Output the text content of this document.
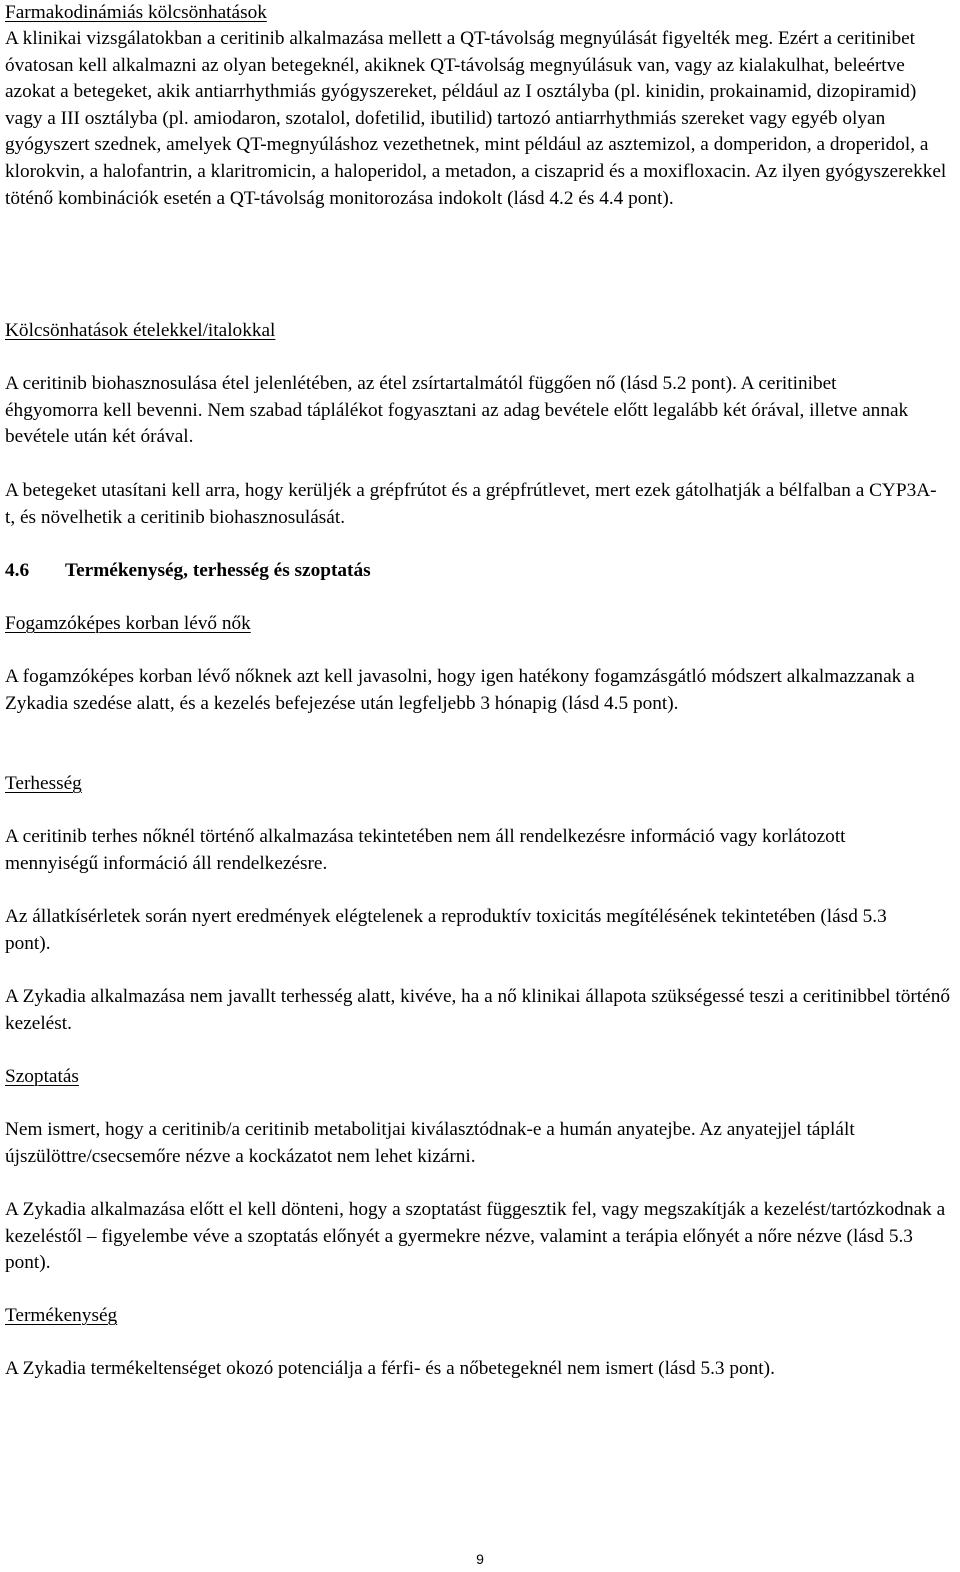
Farmakodinámiás kölcsönhatások

A klinikai vizsgálatokban a ceritinib alkalmazása mellett a QT-távolság megnyúlását figyelték meg. Ezért a ceritinibet óvatosan kell alkalmazni az olyan betegeknél, akiknek QT-távolság megnyúlásuk van, vagy az kialakulhat, beleértve azokat a betegeket, akik antiarrhythmiás gyógyszereket, például az I osztályba (pl. kinidin, prokainamid, dizopiramid) vagy a III osztályba (pl. amiodaron, szotalol, dofetilid, ibutilid) tartozó antiarrhythmiás szereket vagy egyéb olyan gyógyszert szednek, amelyek QT-megnyúláshoz vezethetnek, mint például az asztemizol, a domperidon, a droperidol, a klorokvin, a halofantrin, a klaritromicin, a haloperidol, a metadon, a ciszaprid és a moxifloxacin. Az ilyen gyógyszerekkel töténő kombinációk esetén a QT-távolság monitorozása indokolt (lásd 4.2 és 4.4 pont).

Kölcsönhatások ételekkel/italokkal

A ceritinib biohasznosulása étel jelenlétében, az étel zsírtartalmától függően nő (lásd 5.2 pont). A ceritinibet éhgyomorra kell bevenni. Nem szabad táplálékot fogyasztani az adag bevétele előtt legalább két órával, illetve annak bevétele után két órával.

A betegeket utasítani kell arra, hogy kerüljék a grépfrútot és a grépfrútlevet, mert ezek gátolhatják a bélfalban a CYP3A-t, és növelhetik a ceritinib biohasznosulását.

4.6 Termékenység, terhesség és szoptatás

Fogamzóképes korban lévő nők

A fogamzóképes korban lévő nőknek azt kell javasolni, hogy igen hatékony fogamzásgátló módszert alkalmazzanak a Zykadia szedése alatt, és a kezelés befejezése után legfeljebb 3 hónapig (lásd 4.5 pont).

Terhesség

A ceritinib terhes nőknél történő alkalmazása tekintetében nem áll rendelkezésre információ vagy korlátozott mennyiségű információ áll rendelkezésre.

Az állatkísérletek során nyert eredmények elégtelenek a reproduktív toxicitás megítélésének tekintetében (lásd 5.3 pont).

A Zykadia alkalmazása nem javallt terhesség alatt, kivéve, ha a nő klinikai állapota szükségessé teszi a ceritinibbel történő kezelést.

Szoptatás

Nem ismert, hogy a ceritinib/a ceritinib metabolitjai kiválasztódnak-e a humán anyatejbe. Az anyatejjel táplált újszülöttre/csecsemőre nézve a kockázatot nem lehet kizárni.

A Zykadia alkalmazása előtt el kell dönteni, hogy a szoptatást függesztik fel, vagy megszakítják a kezelést/tartózkodnak a kezeléstől – figyelembe véve a szoptatás előnyét a gyermekre nézve, valamint a terápia előnyét a nőre nézve (lásd 5.3 pont).

Termékenység

A Zykadia termékeltenséget okozó potenciálja a férfi- és a nőbetegeknél nem ismert (lásd 5.3 pont).

9
